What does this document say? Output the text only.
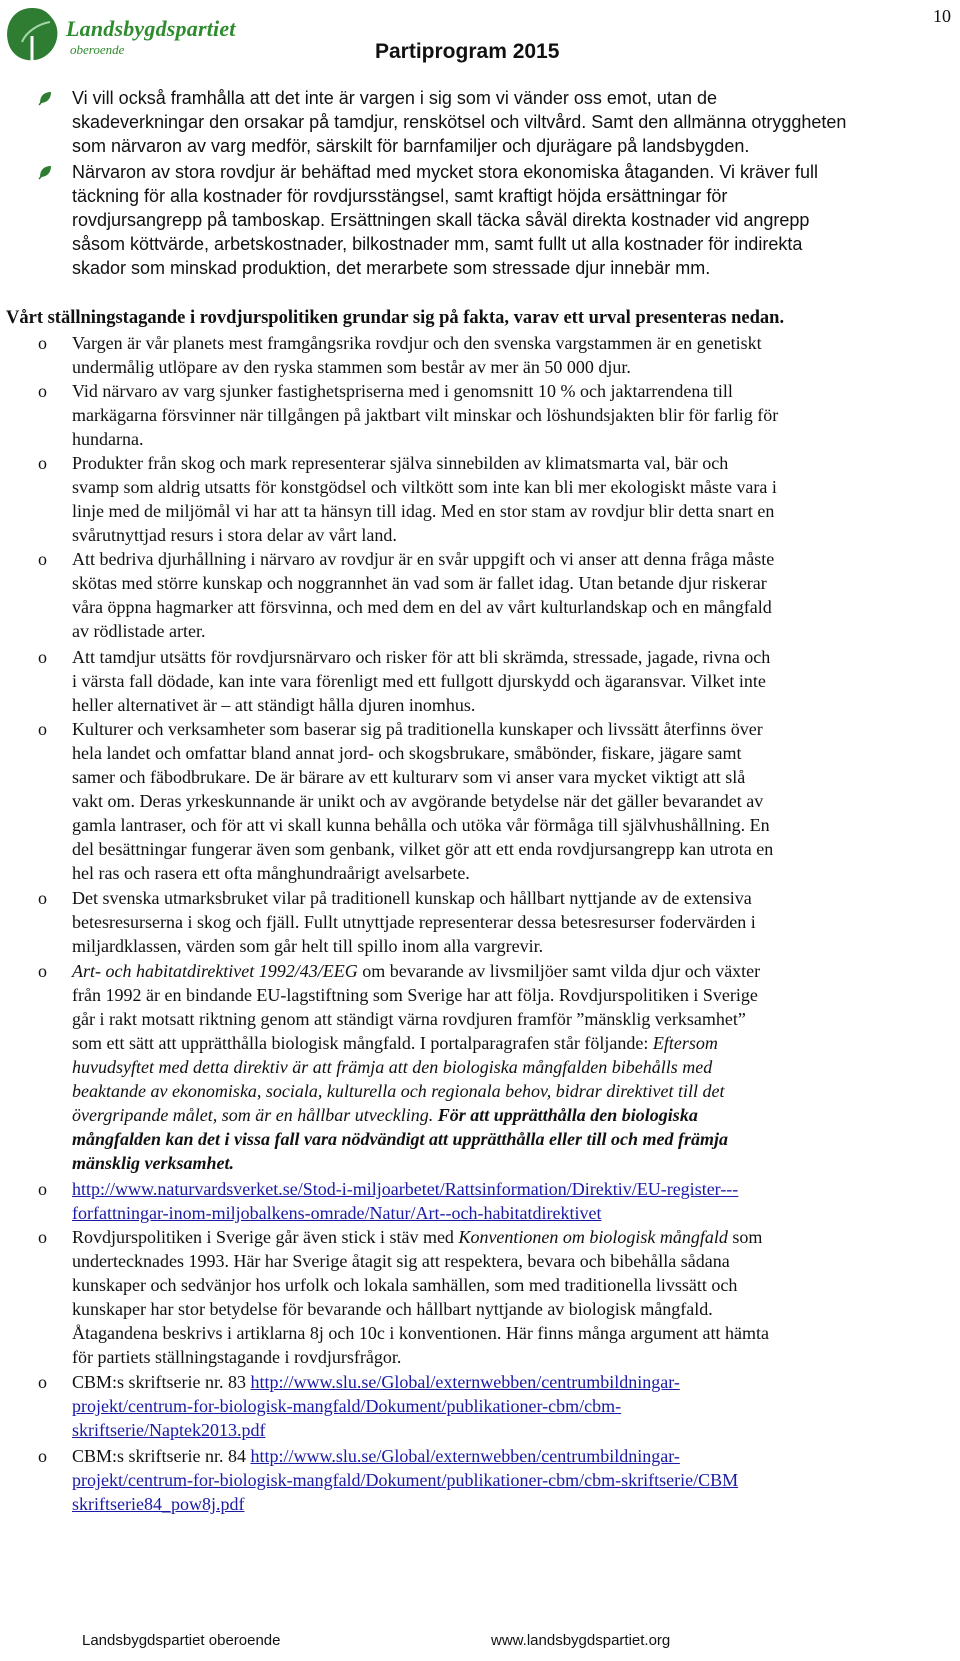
10
Landsbygdspartiet
oberoende	Partiprogram 2015
Vi vill också framhålla att det inte är vargen i sig som vi vänder oss emot, utan de
skadeverkningar den orsakar på tamdjur, renskötsel och viltvård. Samt den allmänna otryggheten
som närvaron av varg medför, särskilt för barnfamiljer och djurägare på landsbygden.
Närvaron av stora rovdjur är behäftad med mycket stora ekonomiska åtaganden. Vi kräver full
täckning för alla kostnader för rovdjursstängsel, samt kraftigt höjda ersättningar för
rovdjursangrepp på tamboskap. Ersättningen skall täcka såväl direkta kostnader vid angrepp
såsom köttvärde, arbetskostnader, bilkostnader mm, samt fullt ut alla kostnader för indirekta
skador som minskad produktion, det merarbete som stressade djur innebär mm.
Vårt ställningstagande i rovdjurspolitiken grundar sig på fakta, varav ett urval presenteras nedan.
o Vargen är vår planets mest framgångsrika rovdjur och den svenska vargstammen är en genetiskt
undermålig utlöpare av den ryska stammen som består av mer än 50 000 djur.
o Vid närvaro av varg sjunker fastighetspriserna med i genomsnitt 10 % och jaktarrendena till
markägarna försvinner när tillgången på jaktbart vilt minskar och löshundsjakten blir för farlig för
hundarna.
o Produkter från skog och mark representerar själva sinnebilden av klimatsmarta val, bär och
svamp som aldrig utsatts för konstgödsel och viltkött som inte kan bli mer ekologiskt måste vara i
linje med de miljömål vi har att ta hänsyn till idag. Med en stor stam av rovdjur blir detta snart en
svårutnyttjad resurs i stora delar av vårt land.
o Att bedriva djurhållning i närvaro av rovdjur är en svår uppgift och vi anser att denna fråga måste
skötas med större kunskap och noggrannhet än vad som är fallet idag. Utan betande djur riskerar
våra öppna hagmarker att försvinna, och med dem en del av vårt kulturlandskap och en mångfald
av rödlistade arter.
o Att tamdjur utsätts för rovdjursnärvaro och risker för att bli skrämda, stressade, jagade, rivna och
i värsta fall dödade, kan inte vara förenligt med ett fullgott djurskydd och ägaransvar. Vilket inte
heller alternativet är – att ständigt hålla djuren inomhus.
o Kulturer och verksamheter som baserar sig på traditionella kunskaper och livssätt återfinns över
hela landet och omfattar bland annat jord- och skogsbrukare, småbönder, fiskare, jägare samt
samer och fäbodbrukare. De är bärare av ett kulturarv som vi anser vara mycket viktigt att slå
vakt om. Deras yrkeskunnande är unikt och av avgörande betydelse när det gäller bevarandet av
gamla lantraser, och för att vi skall kunna behålla och utöka vår förmåga till självhushållning. En
del besättningar fungerar även som genbank, vilket gör att ett enda rovdjursangrepp kan utrota en
hel ras och rasera ett ofta månghundraårigt avelsarbete.
o Det svenska utmarksbruket vilar på traditionell kunskap och hållbart nyttjande av de extensiva
betesresurserna i skog och fjäll. Fullt utnyttjade representerar dessa betesresurser fodervärden i
miljardklassen, värden som går helt till spillo inom alla vargrevir.
o Art- och habitatdirektivet 1992/43/EEG om bevarande av livsmiljöer samt vilda djur och växter
från 1992 är en bindande EU-lagstiftning som Sverige har att följa. Rovdjurspolitiken i Sverige
går i rakt motsatt riktning genom att ständigt värna rovdjuren framför ”mänsklig verksamhet”
som ett sätt att upprätthålla biologisk mångfald. I portalparagrafen står följande: Eftersom
huvudsyftet med detta direktiv är att främja att den biologiska mångfalden bibehålls med
beaktande av ekonomiska, sociala, kulturella och regionala behov, bidrar direktivet till det
övergripande målet, som är en hållbar utveckling. För att upprätthålla den biologiska
mångfalden kan det i vissa fall vara nödvändigt att upprätthålla eller till och med främja
mänsklig verksamhet.
o http://www.naturvardsverket.se/Stod-i-miljoarbetet/Rattsinformation/Direktiv/EU-register---
forfattningar-inom-miljobalkens-omrade/Natur/Art--och-habitatdirektivet
o Rovdjurspolitiken i Sverige går även stick i stäv med Konventionen om biologisk mångfald som
undertecknades 1993. Här har Sverige åtagit sig att respektera, bevara och bibehålla sådana
kunskaper och sedvänjor hos urfolk och lokala samhällen, som med traditionella livssätt och
kunskaper har stor betydelse för bevarande och hållbart nyttjande av biologisk mångfald.
Åtagandena beskrivs i artiklarna 8j och 10c i konventionen. Här finns många argument att hämta
för partiets ställningstagande i rovdjursfrågor.
o CBM:s skriftserie nr. 83 http://www.slu.se/Global/externwebben/centrumbildningar-
projekt/centrum-for-biologisk-mangfald/Dokument/publikationer-cbm/cbm-
skriftserie/Naptek2013.pdf
o CBM:s skriftserie nr. 84 http://www.slu.se/Global/externwebben/centrumbildningar-
projekt/centrum-for-biologisk-mangfald/Dokument/publikationer-cbm/cbm-skriftserie/CBM
skriftserie84_pow8j.pdf
Landsbygdspartiet oberoende	www.landsbygdspartiet.org
